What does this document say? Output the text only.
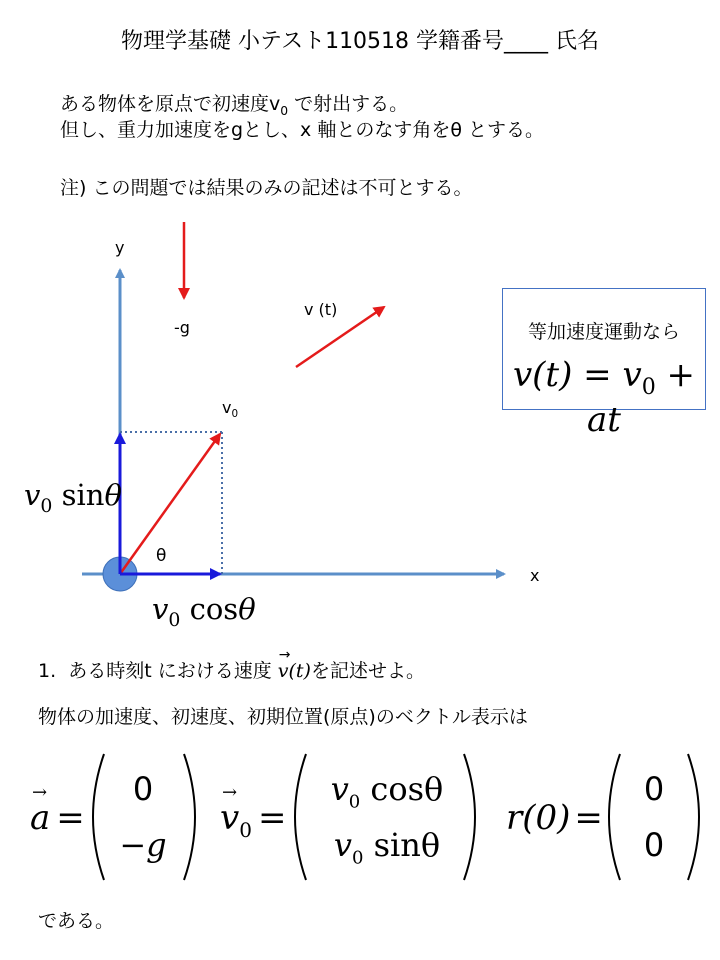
物理学基礎 小テスト110518 学籍番号____ 氏名
ある物体を原点で初速度$v_0$ で射出する。
但し、重力加速度をgとし、x 軸とのなす角をθ とする。
注) この問題では結果のみの記述は不可とする。
y
x
-g
v (t)
$v_0$
θ
$v_0$ sinθ
$v_0$ cosθ
等加速度運動なら
$v(t) = v_0$ + at
1. ある時刻t における速度
→
v(t)を記述せよ。
物体の加速度、初速度、初期位置(原点)のベクトル表示は
→
a =
0
−g
→
$v_0$ =
$v_0$ cosθ
$v_0$ sinθ
r(0) =
0
0
である。
